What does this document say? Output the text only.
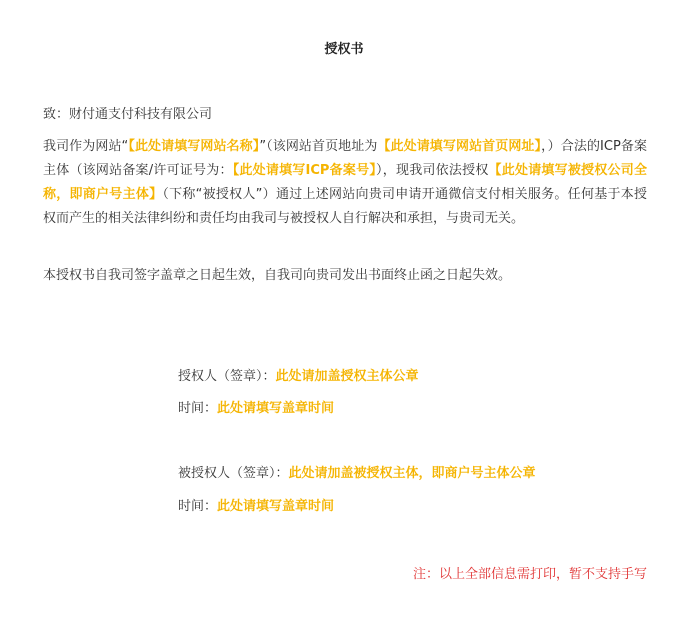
授权书
致：财付通支付科技有限公司
我司作为网站“【此处请填写网站名称】”（该网站首页地址为【此处请填写网站首页网址】，）合法的ICP备案主体（该网站备案/许可证号为：【此处请填写ICP备案号】），现我司依法授权【此处请填写被授权公司全称，即商户号主体】（下称“被授权人”）通过上述网站向贵司申请开通微信支付相关服务。任何基于本授权而产生的相关法律纠纷和责任均由我司与被授权人自行解决和承担，与贵司无关。
本授权书自我司签字盖章之日起生效，自我司向贵司发出书面终止函之日起失效。
授权人（签章）：此处请加盖授权主体公章
时间：此处请填写盖章时间
被授权人（签章）：此处请加盖被授权主体，即商户号主体公章
时间：此处请填写盖章时间
注：以上全部信息需打印，暂不支持手写
